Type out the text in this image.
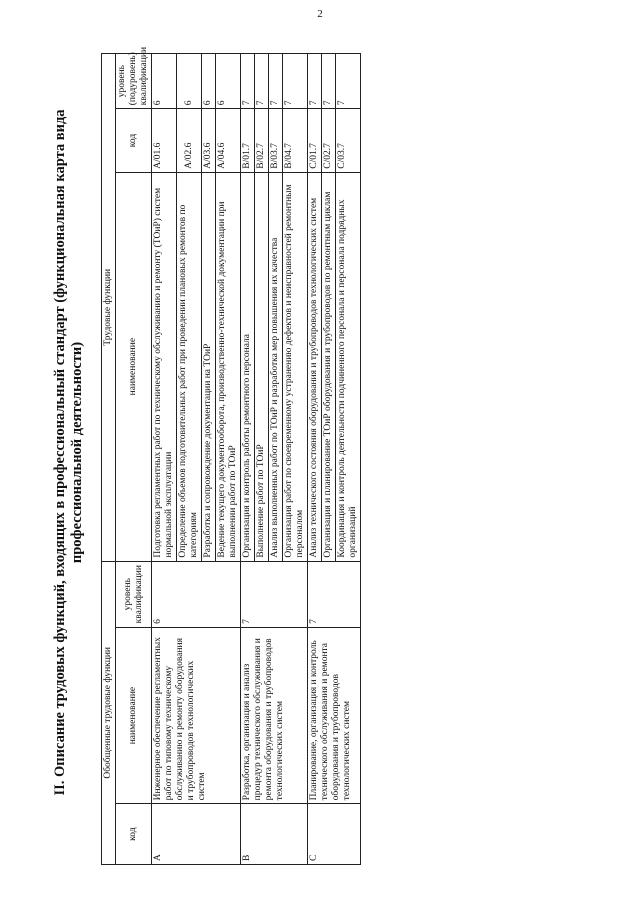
2
II. Описание трудовых функций, входящих в профессиональный стандарт (функциональная карта вида профессиональной деятельности)
Обобщенные трудовые функции			Трудовые функции		
код	наименование	уровень квалификации	наименование	код	уровень (подуровень) квалификации
A	Инженерное обеспечение регламентных работ по типовому техническому обслуживанию и ремонту оборудования и трубопроводов технологических систем	6	Подготовка регламентных работ по техническому обслуживанию и ремонту (ТОиР) систем нормальной эксплуатации	A/01.6	6
			Определение объемов подготовительных работ при проведении плановых ремонтов по категориям	A/02.6	6
			Разработка и сопровождение документации на ТОиР	A/03.6	6
			Ведение текущего документооборота, производственно-технической документации при выполнении работ по ТОиР	A/04.6	6
B	Разработка, организация и анализ процедур технического обслуживания и ремонта оборудования и трубопроводов технологических систем	7	Организация и контроль работы ремонтного персонала	B/01.7	7
			Выполнение работ по ТОиР	B/02.7	7
			Анализ выполненных работ по ТОиР и разработка мер повышения их качества	B/03.7	7
			Организация работ по своевременному устранению дефектов и неисправностей ремонтным персоналом	B/04.7	7
C	Планирование, организация и контроль технического обслуживания и ремонта оборудования и трубопроводов технологических систем	7	Анализ технического состояния оборудования и трубопроводов технологических систем	C/01.7	7
			Организация и планирование ТОиР оборудования и трубопроводов по ремонтным циклам	C/02.7	7
			Координация и контроль деятельности подчиненного персонала и персонала подрядных организаций	C/03.7	7
